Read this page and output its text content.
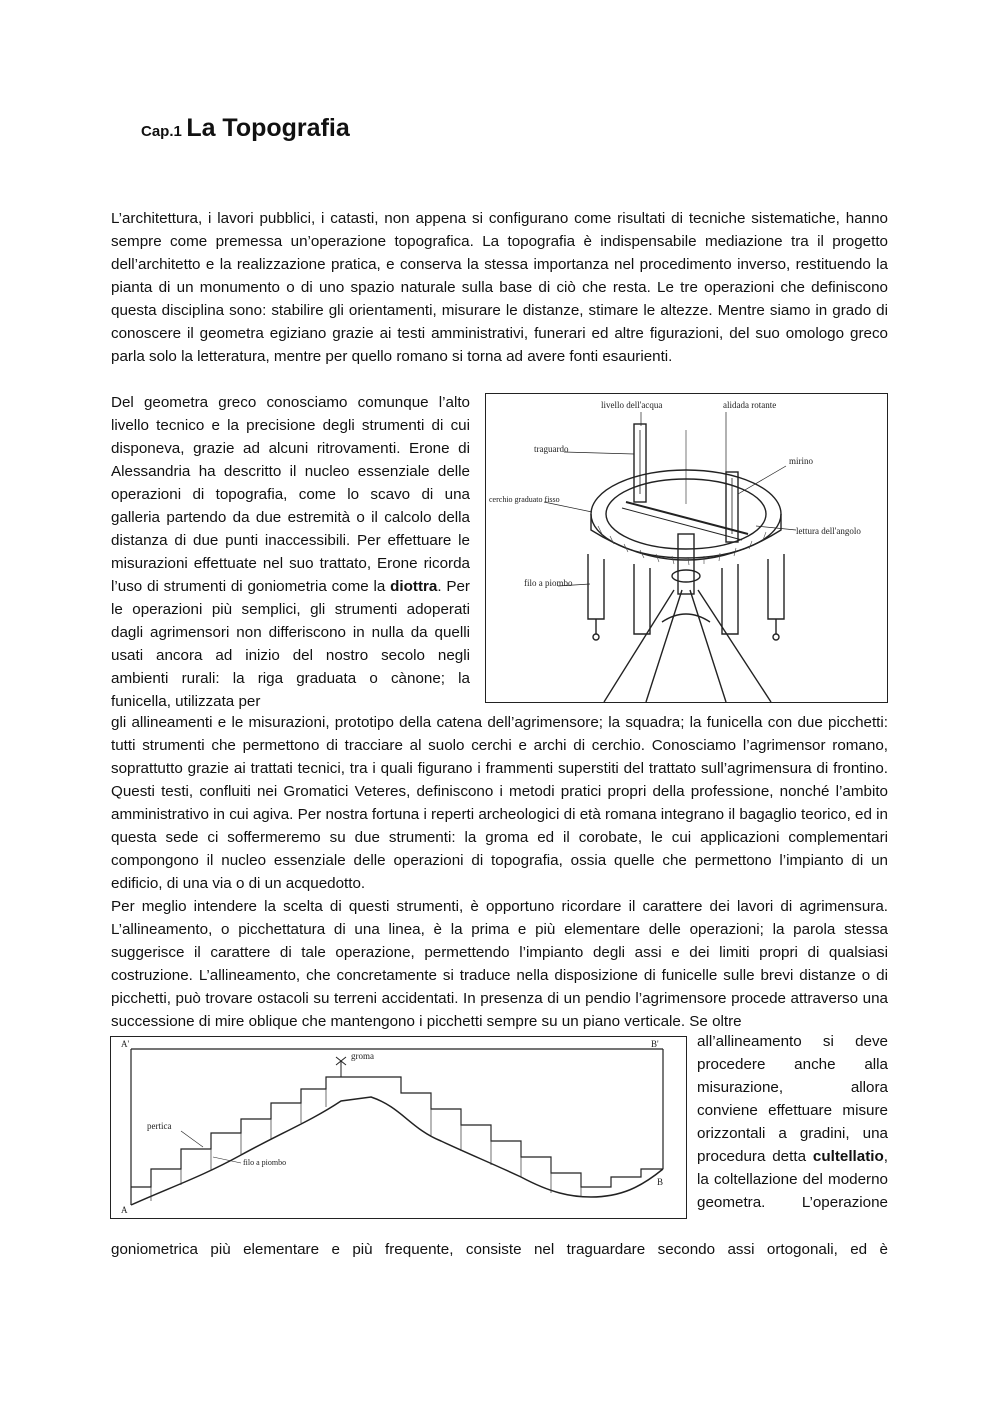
Cap.1 La Topografia

L’architettura, i lavori pubblici, i catasti, non appena si configurano come risultati di tecniche sistematiche, hanno sempre come premessa un’operazione topografica. La topografia è indispensabile mediazione tra il progetto dell’architetto e la realizzazione pratica, e conserva la stessa importanza nel procedimento inverso, restituendo la pianta di un monumento o di uno spazio naturale sulla base di ciò che resta. Le tre operazioni che definiscono questa disciplina sono: stabilire gli orientamenti, misurare le distanze, stimare le altezze. Mentre siamo in grado di conoscere il geometra egiziano grazie ai testi amministrativi, funerari ed altre figurazioni, del suo omologo greco parla solo la letteratura, mentre per quello romano si torna ad avere fonti esaurienti.

Del geometra greco conosciamo comunque l’alto livello tecnico e la precisione degli strumenti di cui disponeva, grazie ad alcuni ritrovamenti. Erone di Alessandria ha descritto il nucleo essenziale delle operazioni di topografia, come lo scavo di una galleria partendo da due estremità o il calcolo della distanza di due punti inaccessibili. Per effettuare le misurazioni effettuate nel suo trattato, Erone ricorda l’uso di strumenti di goniometria come la diottra. Per le operazioni più semplici, gli strumenti adoperati dagli agrimensori non differiscono in nulla da quelli usati ancora ad inizio del nostro secolo negli ambienti rurali: la riga graduata o cànone; la funicella, utilizzata per

livello dell'acqua	alidada rotante
traguardo
mirino
cerchio graduato fisso
lettura dell'angolo
filo a piombo

gli allineamenti e le misurazioni, prototipo della catena dell’agrimensore; la squadra; la funicella con due picchetti: tutti strumenti che permettono di tracciare al suolo cerchi e archi di cerchio. Conosciamo l’agrimensor romano, soprattutto grazie ai trattati tecnici, tra i quali figurano i frammenti superstiti del trattato sull’agrimensura di frontino. Questi testi, confluiti nei Gromatici Veteres, definiscono i metodi pratici propri della professione, nonché l’ambito amministrativo in cui agiva. Per nostra fortuna i reperti archeologici di età romana integrano il bagaglio teorico, ed in questa sede ci soffermeremo su due strumenti: la groma ed il corobate, le cui applicazioni complementari compongono il nucleo essenziale delle operazioni di topografia, ossia quelle che permettono l’impianto di un edificio, di una via o di un acquedotto.

Per meglio intendere la scelta di questi strumenti, è opportuno ricordare il carattere dei lavori di agrimensura. L’allineamento, o picchettatura di una linea, è la prima e più elementare delle operazioni; la parola stessa suggerisce il carattere di tale operazione, permettendo l’impianto degli assi e dei limiti propri di qualsiasi costruzione. L’allineamento, che concretamente si traduce nella disposizione di funicelle sulle brevi distanze o di picchetti, può trovare ostacoli su terreni accidentati. In presenza di un pendio l’agrimensore procede attraverso una successione di mire oblique che mantengono i picchetti sempre su un piano verticale. Se oltre

A'	B'
groma
pertica
filo a piombo
A
B

all’allineamento si deve procedere anche alla misurazione, allora conviene effettuare misure orizzontali a gradini, una procedura detta cultellatio, la coltellazione del moderno geometra. L’operazione

goniometrica più elementare e più frequente, consiste nel traguardare secondo assi ortogonali, ed è
